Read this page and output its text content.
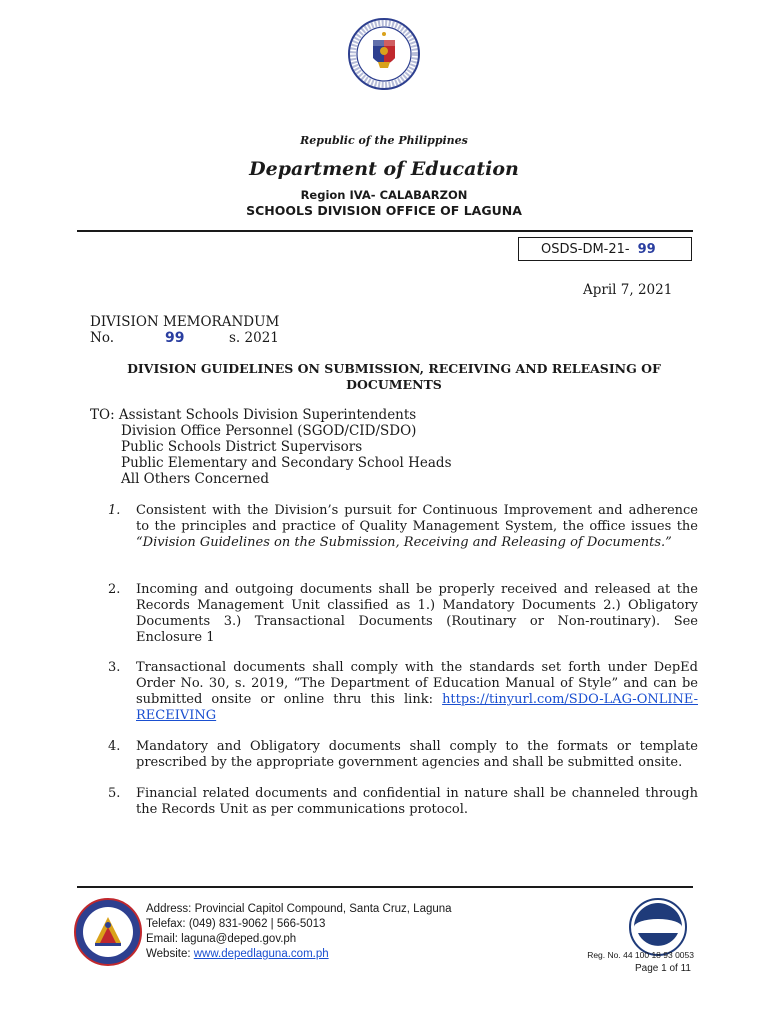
Republic of the Philippines
Department of Education
Region IVA- CALABARZON
SCHOOLS DIVISION OFFICE OF LAGUNA
OSDS-DM-21- 99
April 7, 2021
DIVISION MEMORANDUM
No.	99	s. 2021
DIVISION GUIDELINES ON SUBMISSION, RECEIVING AND RELEASING OF
DOCUMENTS
TO: Assistant Schools Division Superintendents
Division Office Personnel (SGOD/CID/SDO)
Public Schools District Supervisors
Public Elementary and Secondary School Heads
All Others Concerned
1.	Consistent with the Division’s pursuit for Continuous Improvement and adherence to the principles and practice of Quality Management System, the office issues the “Division Guidelines on the Submission, Receiving and Releasing of Documents.”
2.	Incoming and outgoing documents shall be properly received and released at the Records Management Unit classified as 1.) Mandatory Documents 2.) Obligatory Documents 3.) Transactional Documents (Routinary or Non-routinary). See Enclosure 1
3.	Transactional documents shall comply with the standards set forth under DepEd Order No. 30, s. 2019, “The Department of Education Manual of Style” and can be submitted onsite or online thru this link: https://tinyurl.com/SDO-LAG-ONLINE-RECEIVING
4.	Mandatory and Obligatory documents shall comply to the formats or template prescribed by the appropriate government agencies and shall be submitted onsite.
5.	Financial related documents and confidential in nature shall be channeled through the Records Unit as per communications protocol.
Address: Provincial Capitol Compound, Santa Cruz, Laguna
Telefax: (049) 831-9062 | 566-5013
Email: laguna@deped.gov.ph
Website: www.depedlaguna.com.ph	Reg. No. 44 100 18 93 0053
Page 1 of 11
